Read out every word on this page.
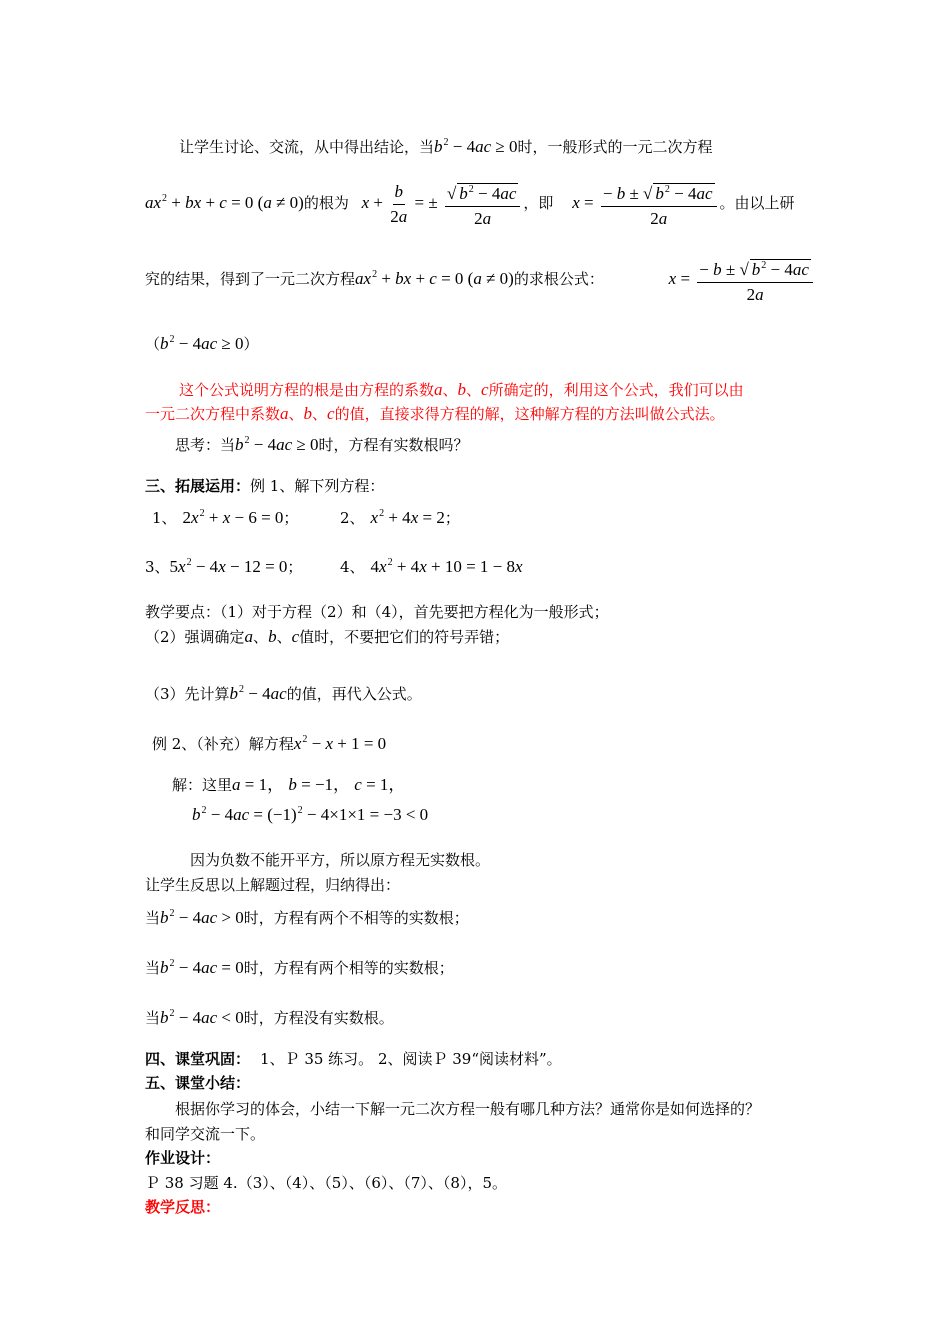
让学生讨论、交流，从中得出结论，当$b^2 - 4ac \ge 0$时，一般形式的一元二次方程
$ax^2$ + bx + c = 0 (a ≠ 0)的根为 $x + \frac{b}{2a}$ = ± $\frac{√ b^2 - 4ac}{2a}$ ，即 $x = \frac{- b \pm √ b^2 - 4ac}{2a}$ 。由以上研
究的结果，得到了一元二次方程$ax^2$ + bx + c = 0 (a ≠ 0)的求根公式：	$x = \frac{- b \pm √ b^2 - 4ac}{2a}$
$(b^2 - 4ac \ge 0)$
这个公式说明方程的根是由方程的系数a、b、c所确定的，利用这个公式，我们可以由
一元二次方程中系数a、b、c的值，直接求得方程的解，这种解方程的方法叫做公式法。
思考：当$b^2 - 4ac \ge 0$时，方程有实数根吗？
三、拓展运用：例 1、解下列方程：
1、 $2x^2 + x - 6 = 0$；	2、 $x^2 + 4x = 2$；
3、$5x^2 - 4x - 12 = 0$；	4、 $4x^2 + 4x + 10 = 1 - 8x$
教学要点：（1）对于方程（2）和（4），首先要把方程化为一般形式；
（2）强调确定a、b、c值时，不要把它们的符号弄错；
（3）先计算$b^2 - 4ac$的值，再代入公式。
例 2、（补充）解方程$x^2 - x + 1 = 0$
解：这里a = 1， b = −1， c = 1，
$b^2 - 4ac = (-1)^2 - 4\times 1\times 1 = -3 < 0$
因为负数不能开平方，所以原方程无实数根。
让学生反思以上解题过程，归纳得出：
当$b^2 - 4ac > 0$时，方程有两个不相等的实数根；
当$b^2 - 4ac = 0$时，方程有两个相等的实数根；
当$b^2 - 4ac < 0$时，方程没有实数根。
四、课堂巩固： 1、Ｐ 35 练习。 2、阅读Ｐ 39“阅读材料”。
五、课堂小结：
根据你学习的体会，小结一下解一元二次方程一般有哪几种方法？通常你是如何选择的？
和同学交流一下。
作业设计：
Ｐ 38 习题 4.（3）、（4）、（5）、（6）、（7）、（8），5。
教学反思：
